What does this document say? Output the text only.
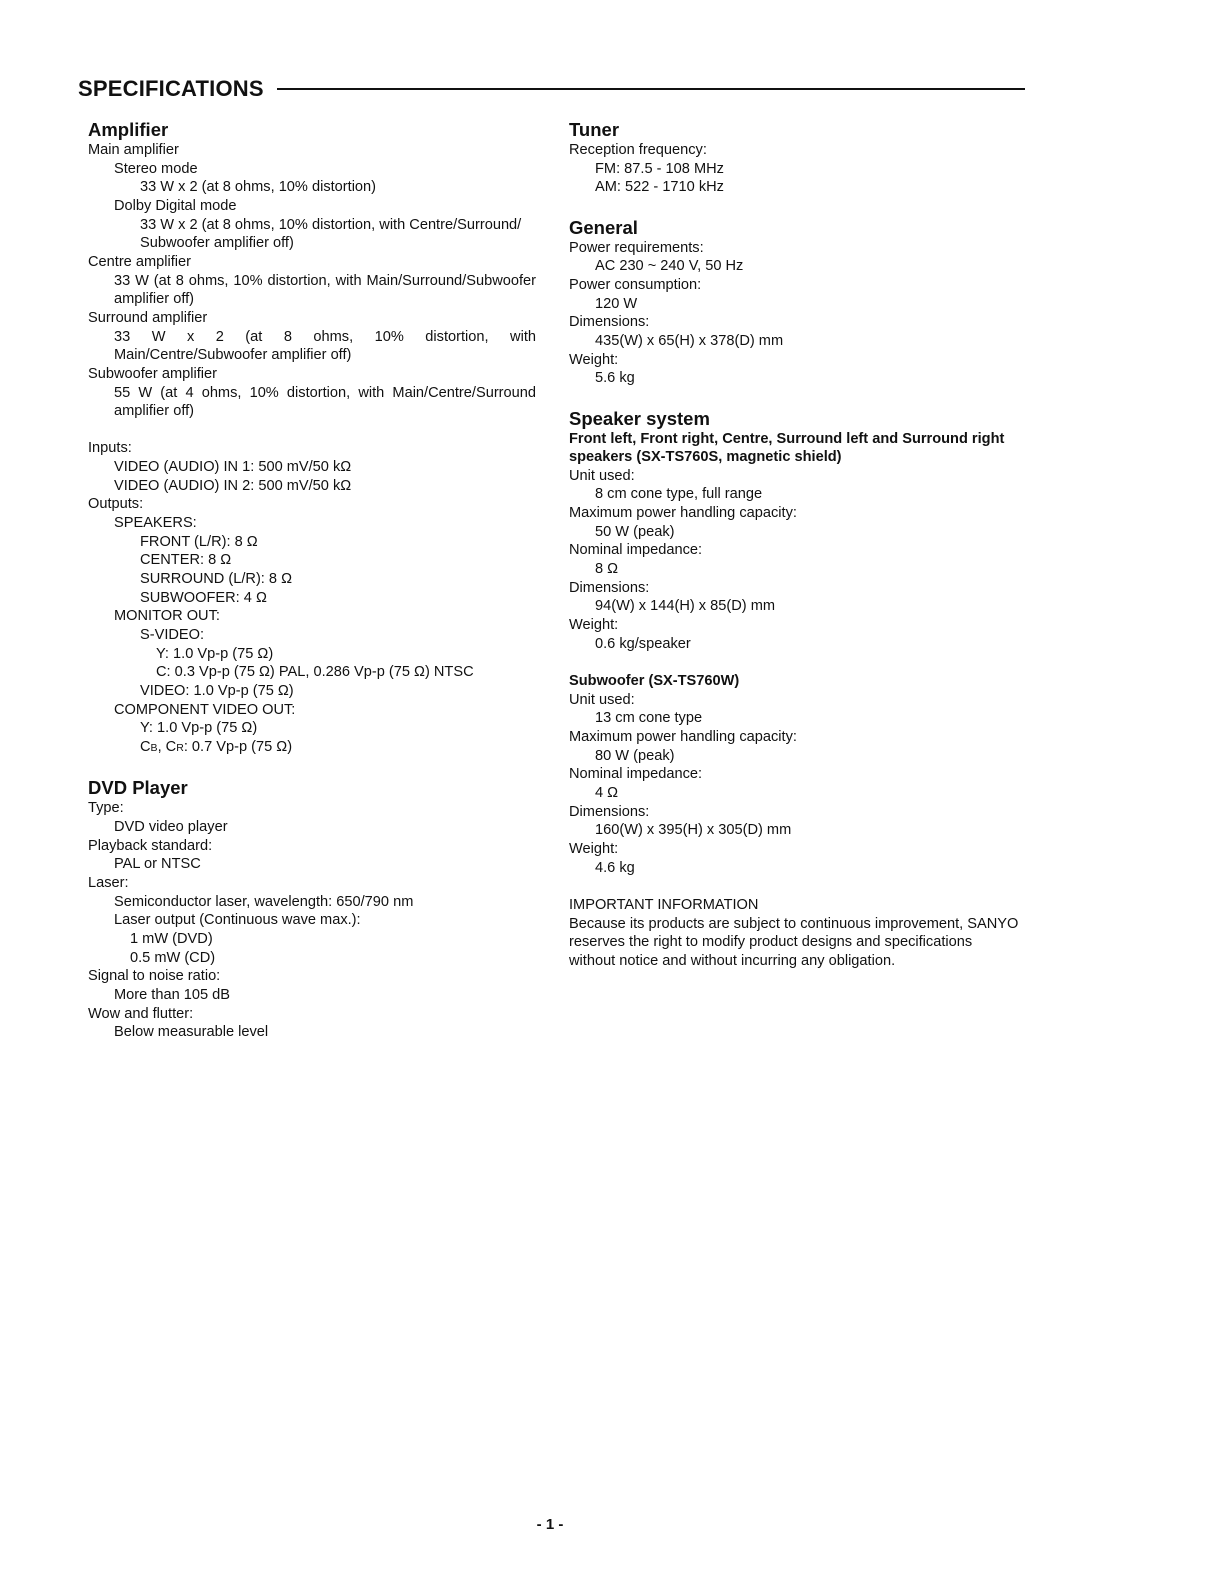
SPECIFICATIONS
Amplifier
Main amplifier
Stereo mode
33 W x 2 (at 8 ohms, 10% distortion)
Dolby Digital mode
33 W x 2 (at 8 ohms, 10% distortion, with Centre/Surround/ Subwoofer amplifier off)
Centre amplifier
33 W (at 8 ohms, 10% distortion, with Main/Surround/Subwoofer amplifier off)
Surround amplifier
33 W x 2 (at 8 ohms, 10% distortion, with Main/Centre/Subwoofer amplifier off)
Subwoofer amplifier
55 W (at 4 ohms, 10% distortion, with Main/Centre/Surround amplifier off)
Inputs:
VIDEO (AUDIO) IN 1: 500 mV/50 kΩ
VIDEO (AUDIO) IN 2: 500 mV/50 kΩ
Outputs:
SPEAKERS:
FRONT (L/R): 8 Ω
CENTER: 8 Ω
SURROUND (L/R): 8 Ω
SUBWOOFER: 4 Ω
MONITOR OUT:
S-VIDEO:
Y: 1.0 Vp-p (75 Ω)
C: 0.3 Vp-p (75 Ω) PAL, 0.286 Vp-p (75 Ω) NTSC
VIDEO: 1.0 Vp-p (75 Ω)
COMPONENT VIDEO OUT:
Y: 1.0 Vp-p (75 Ω)
CB, CR: 0.7 Vp-p (75 Ω)
DVD Player
Type:
DVD video player
Playback standard:
PAL or NTSC
Laser:
Semiconductor laser, wavelength: 650/790 nm
Laser output (Continuous wave max.):
1 mW (DVD)
0.5 mW (CD)
Signal to noise ratio:
More than 105 dB
Wow and flutter:
Below measurable level
Tuner
Reception frequency:
FM: 87.5 - 108 MHz
AM: 522 - 1710 kHz
General
Power requirements:
AC 230 ~ 240 V, 50 Hz
Power consumption:
120 W
Dimensions:
435(W) x 65(H) x 378(D) mm
Weight:
5.6 kg
Speaker system
Front left, Front right, Centre, Surround left and Surround right speakers (SX-TS760S, magnetic shield)
Unit used:
8 cm cone type, full range
Maximum power handling capacity:
50 W (peak)
Nominal impedance:
8 Ω
Dimensions:
94(W) x 144(H) x 85(D) mm
Weight:
0.6 kg/speaker
Subwoofer (SX-TS760W)
Unit used:
13 cm cone type
Maximum power handling capacity:
80 W (peak)
Nominal impedance:
4 Ω
Dimensions:
160(W) x 395(H) x 305(D) mm
Weight:
4.6 kg
IMPORTANT INFORMATION
Because its products are subject to continuous improvement, SANYO reserves the right to modify product designs and specifications without notice and without incurring any obligation.
- 1 -
